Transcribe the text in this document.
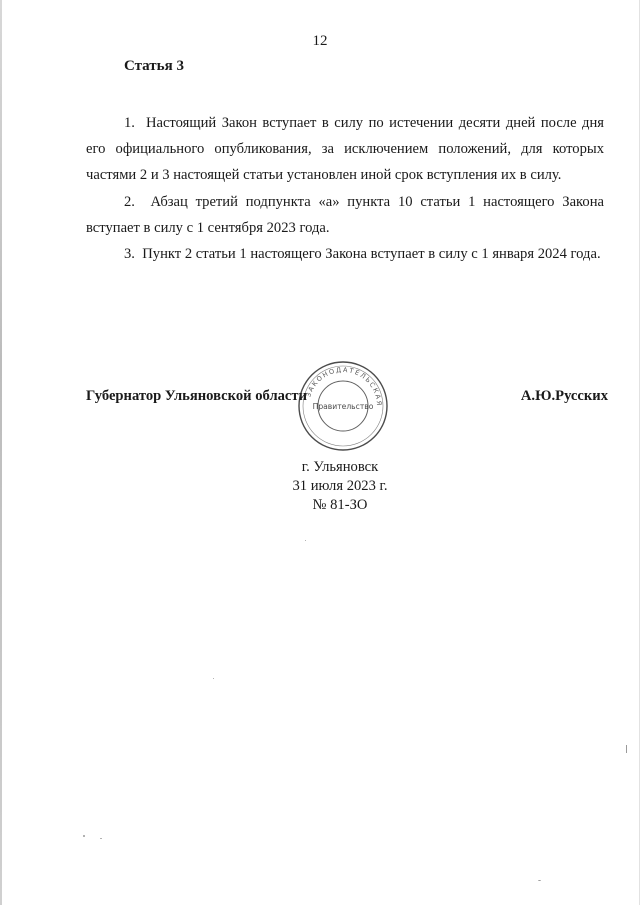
12
Статья 3

1. Настоящий Закон вступает в силу по истечении десяти дней после дня его официального опубликования, за исключением положений, для которых частями 2 и 3 настоящей статьи установлен иной срок вступления их в силу.

2. Абзац третий подпункта «а» пункта 10 статьи 1 настоящего Закона вступает в силу с 1 сентября 2023 года.

3. Пункт 2 статьи 1 настоящего Закона вступает в силу с 1 января 2024 года.

Губернатор Ульяновской области	А.Ю.Русских
ЗАКОНОДАТЕЛЬСКАЯ
Правительство
г. Ульяновск
31 июля 2023 г.
№ 81-ЗО
